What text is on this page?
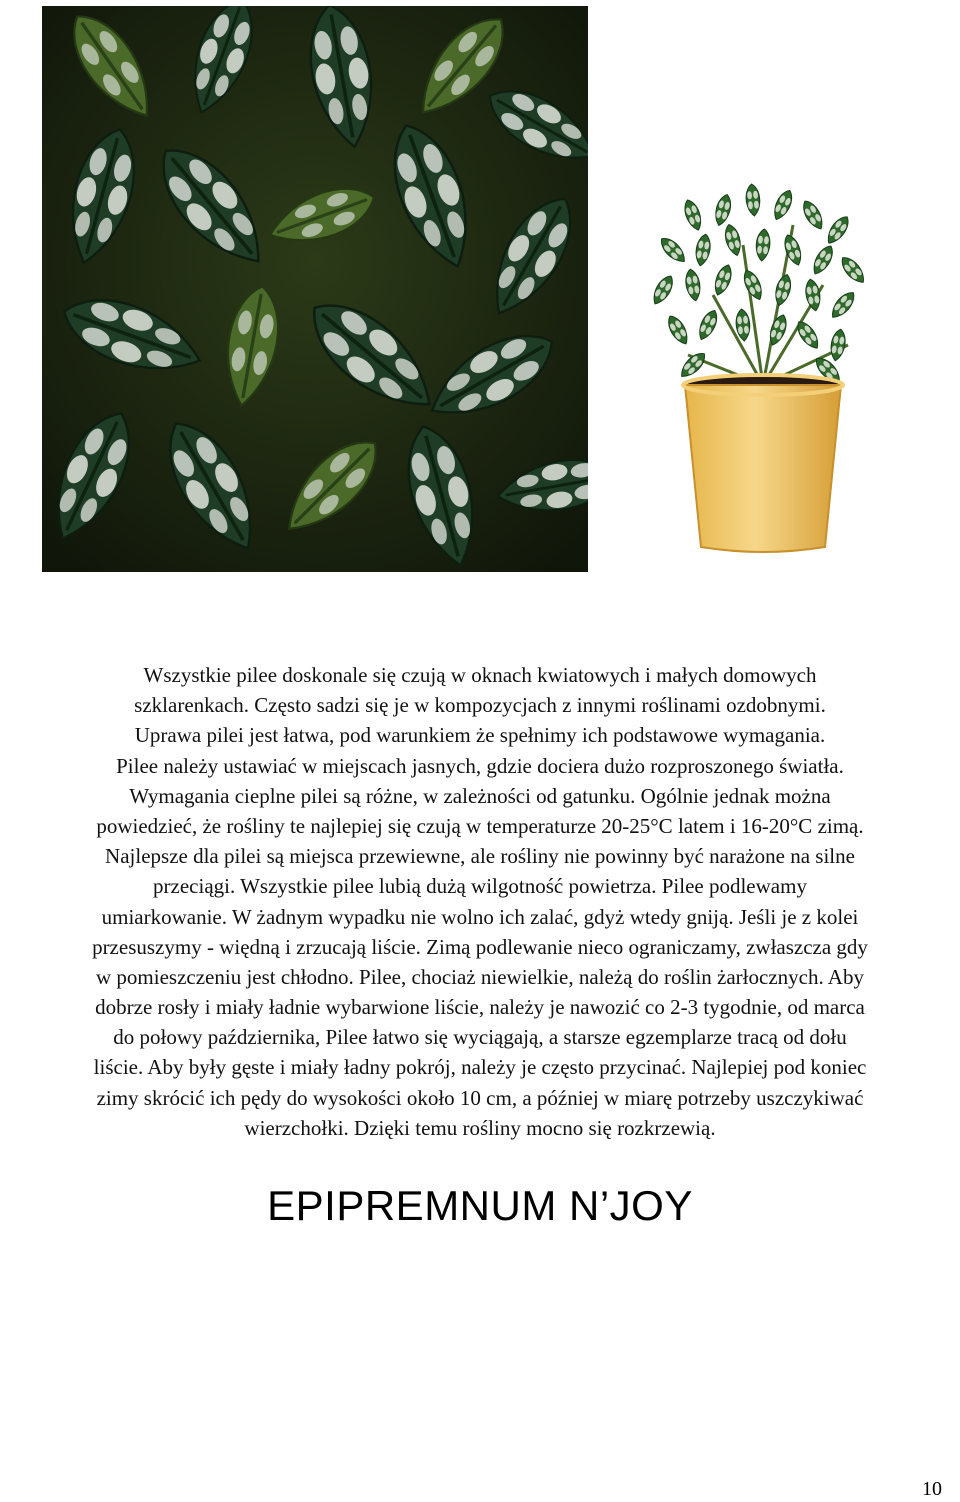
Wszystkie pilee doskonale się czują w oknach kwiatowych i małych domowych
szklarenkach. Często sadzi się je w kompozycjach z innymi roślinami ozdobnymi.
Uprawa pilei jest łatwa, pod warunkiem że spełnimy ich podstawowe wymagania.
Pilee należy ustawiać w miejscach jasnych, gdzie dociera dużo rozproszonego światła.
Wymagania cieplne pilei są różne, w zależności od gatunku. Ogólnie jednak można
powiedzieć, że rośliny te najlepiej się czują w temperaturze 20-25°C latem i 16-20°C zimą.
Najlepsze dla pilei są miejsca przewiewne, ale rośliny nie powinny być narażone na silne
przeciągi. Wszystkie pilee lubią dużą wilgotność powietrza. Pilee podlewamy
umiarkowanie. W żadnym wypadku nie wolno ich zalać, gdyż wtedy gniją. Jeśli je z kolei
przesuszymy - więdną i zrzucają liście. Zimą podlewanie nieco ograniczamy, zwłaszcza gdy
w pomieszczeniu jest chłodno. Pilee, chociaż niewielkie, należą do roślin żarłocznych. Aby
dobrze rosły i miały ładnie wybarwione liście, należy je nawozić co 2-3 tygodnie, od marca
do połowy października, Pilee łatwo się wyciągają, a starsze egzemplarze tracą od dołu
liście. Aby były gęste i miały ładny pokrój, należy je często przycinać. Najlepiej pod koniec
zimy skrócić ich pędy do wysokości około 10 cm, a później w miarę potrzeby uszczykiwać
wierzchołki. Dzięki temu rośliny mocno się rozkrzewią.
EPIPREMNUM N’JOY
10
